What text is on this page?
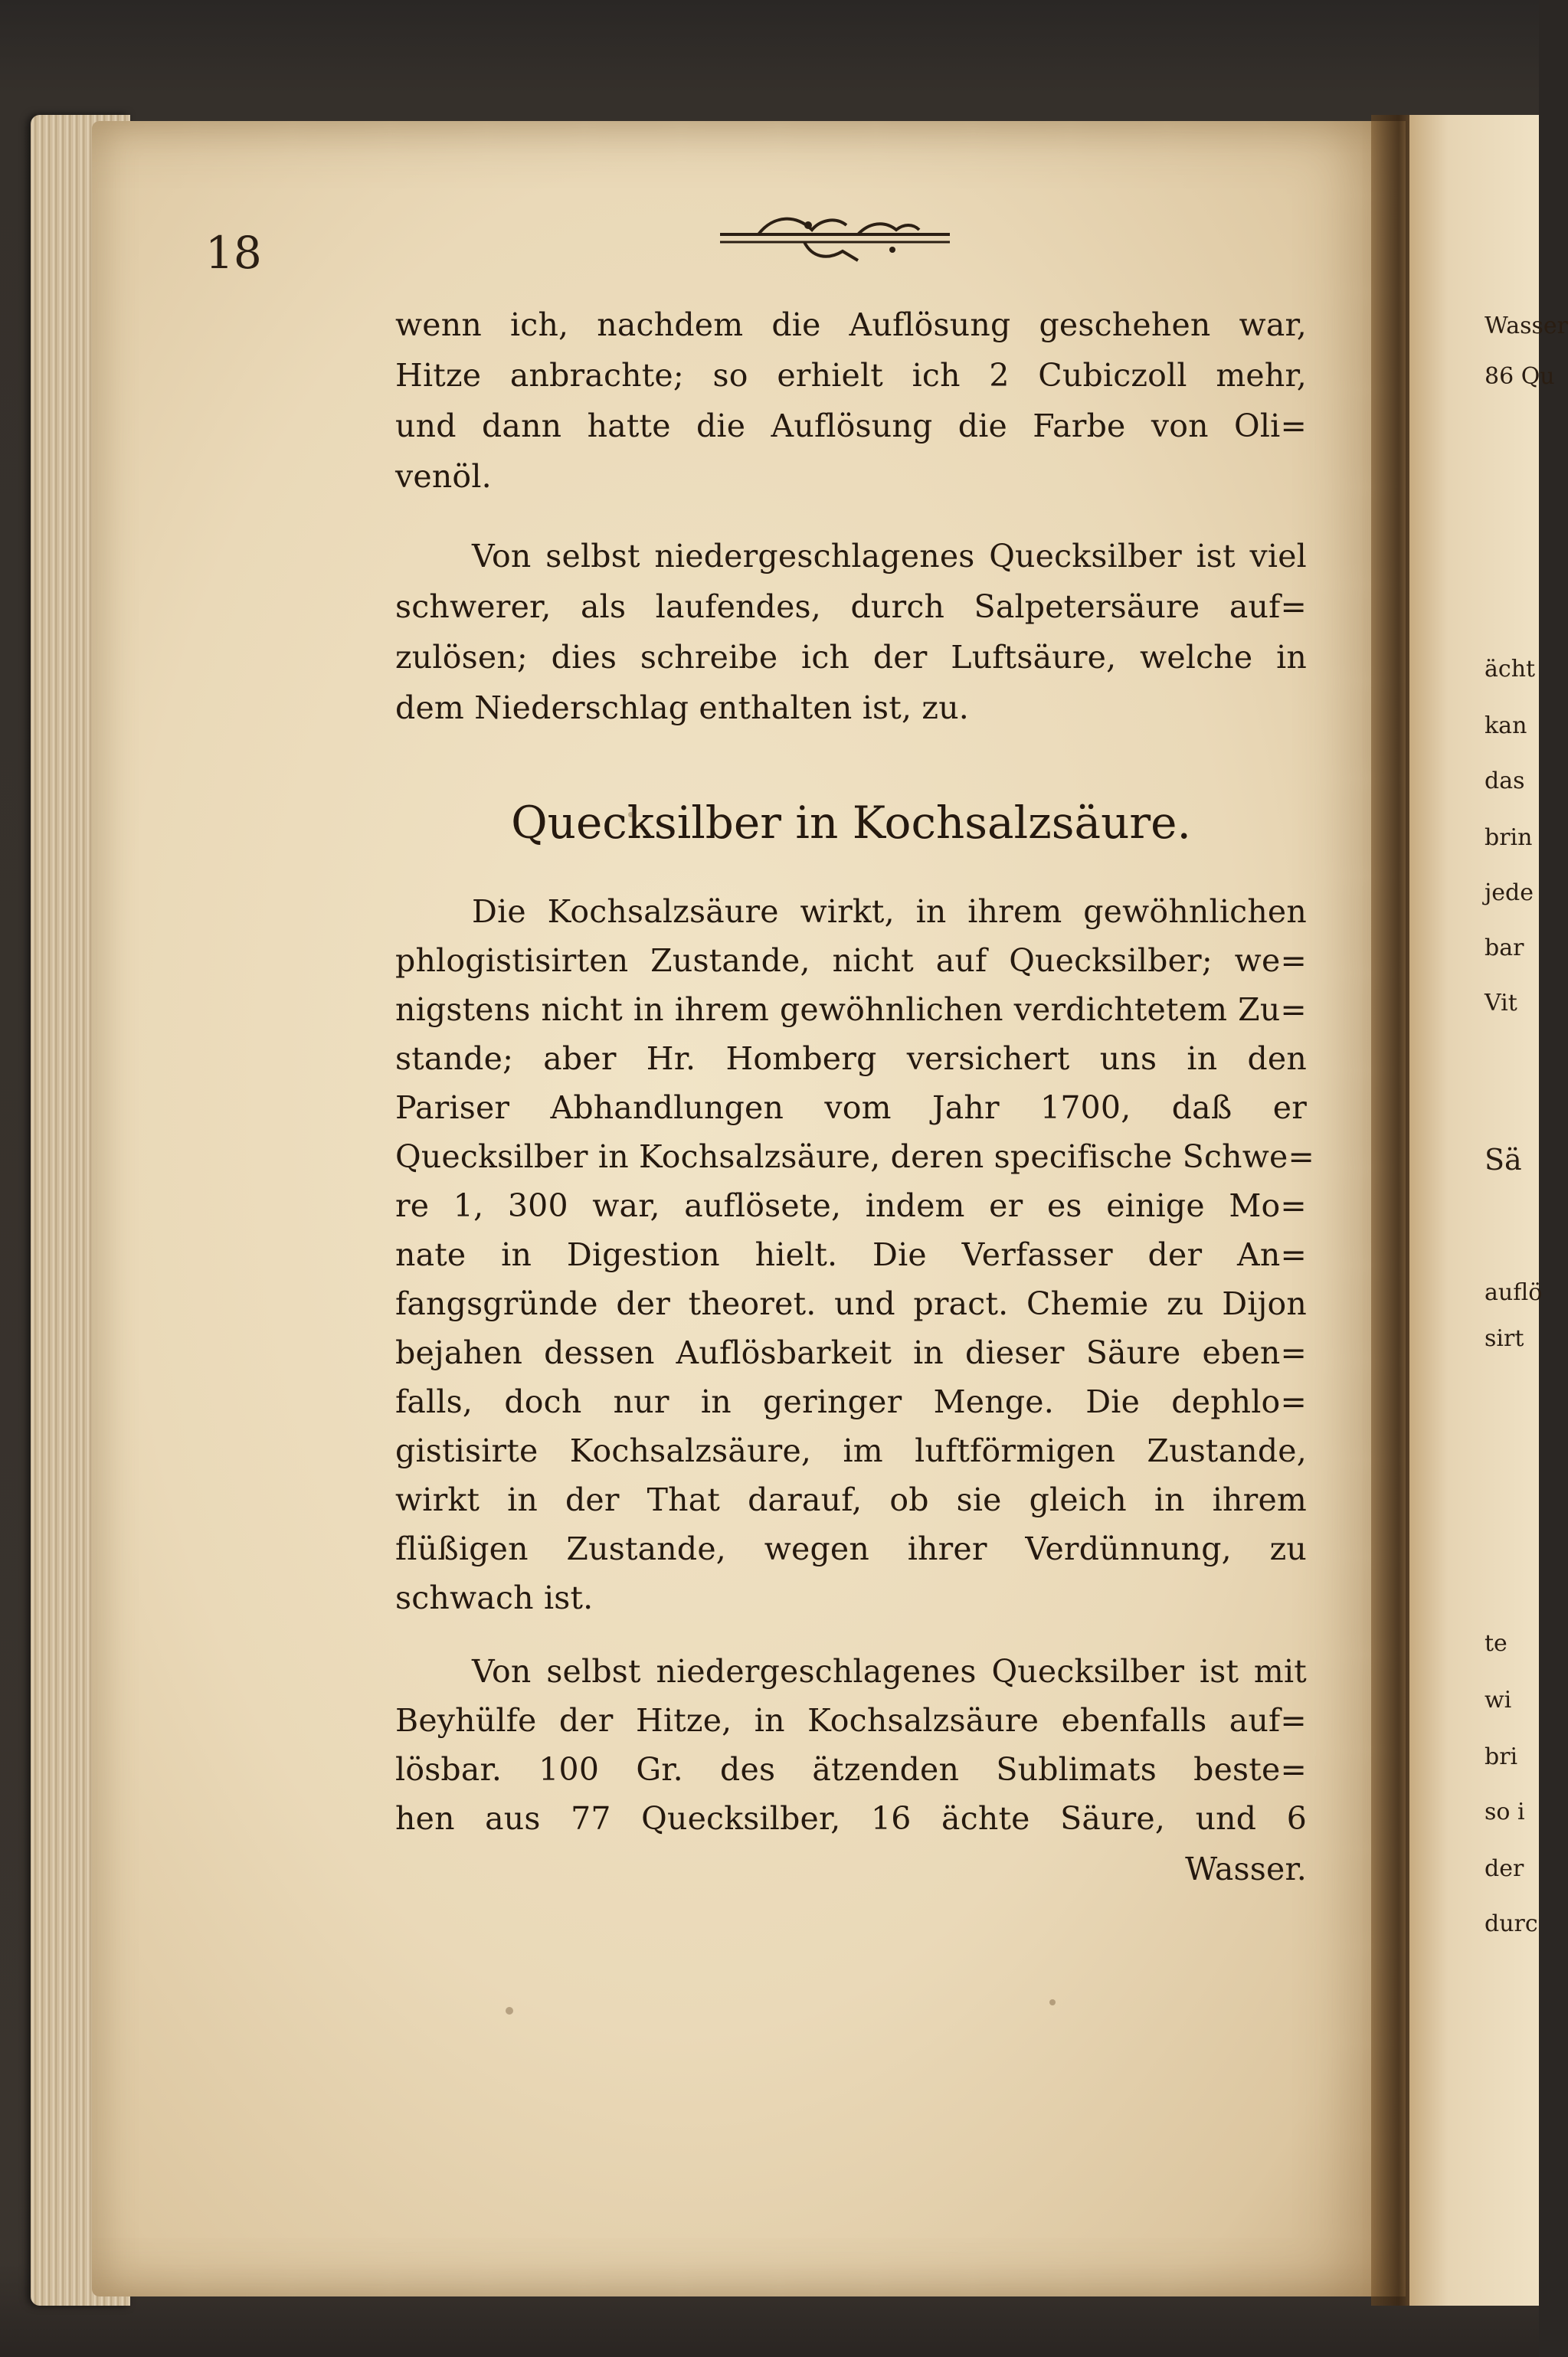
Wasser
86 Qu
ächt
kan
das
brin
jede
bar
Vit
Sä
auflö
sirt
te
wi
bri
so i
der
durc
18
wenn ich, nachdem die Auflösung geschehen war,
Hitze anbrachte; so erhielt ich 2 Cubiczoll mehr,
und dann hatte die Auflösung die Farbe von Oli=
venöl.
Von selbst niedergeschlagenes Quecksilber ist viel
schwerer, als laufendes, durch Salpetersäure auf=
zulösen; dies schreibe ich der Luftsäure, welche in
dem Niederschlag enthalten ist, zu.
Quecksilber in Kochsalzsäure.
Die Kochsalzsäure wirkt, in ihrem gewöhnlichen
phlogistisirten Zustande, nicht auf Quecksilber; we=
nigstens nicht in ihrem gewöhnlichen verdichtetem Zu=
stande; aber Hr. Homberg versichert uns in den
Pariser Abhandlungen vom Jahr 1700, daß er
Quecksilber in Kochsalzsäure, deren specifische Schwe=
re 1, 300 war, auflösete, indem er es einige Mo=
nate in Digestion hielt. Die Verfasser der An=
fangsgründe der theoret. und pract. Chemie zu Dijon
bejahen dessen Auflösbarkeit in dieser Säure eben=
falls, doch nur in geringer Menge. Die dephlo=
gistisirte Kochsalzsäure, im luftförmigen Zustande,
wirkt in der That darauf, ob sie gleich in ihrem
flüßigen Zustande, wegen ihrer Verdünnung, zu
schwach ist.
Von selbst niedergeschlagenes Quecksilber ist mit
Beyhülfe der Hitze, in Kochsalzsäure ebenfalls auf=
lösbar. 100 Gr. des ätzenden Sublimats beste=
hen aus 77 Quecksilber, 16 ächte Säure, und 6
Wasser.
